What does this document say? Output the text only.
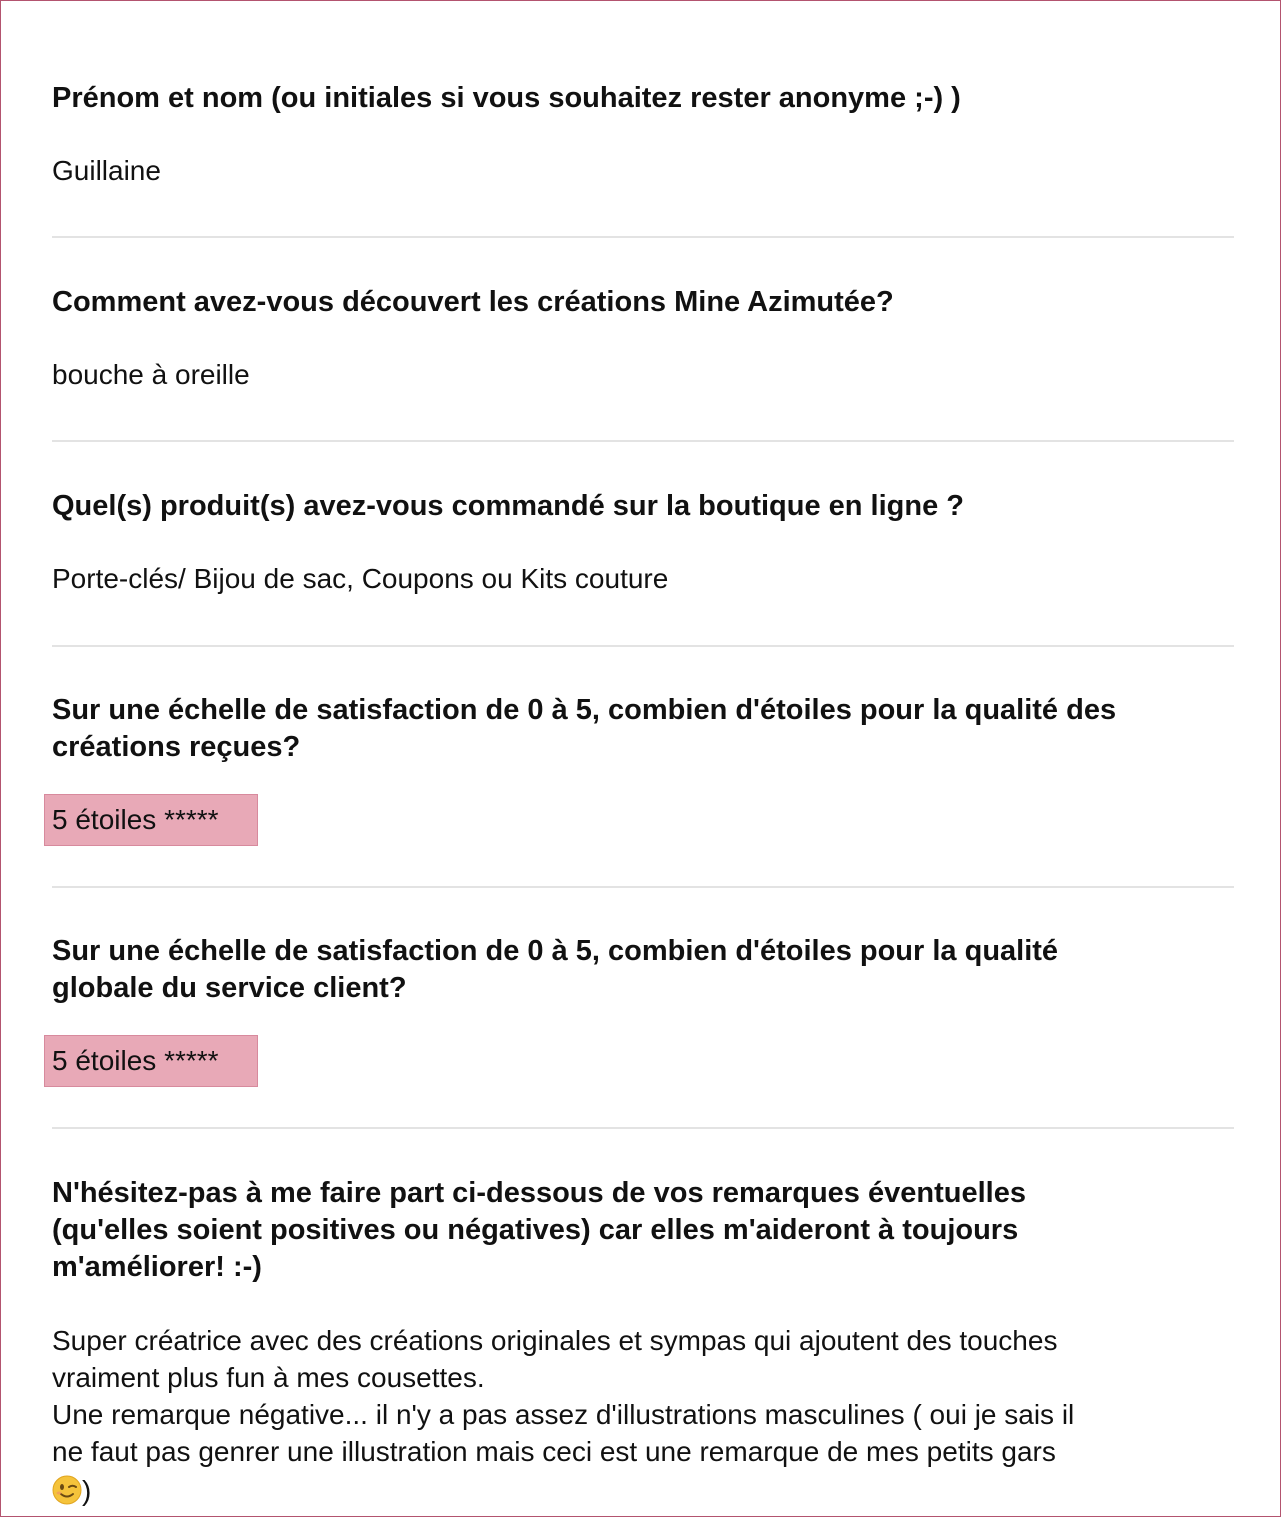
Prénom et nom (ou initiales si vous souhaitez rester anonyme ;-) )
Guillaine
Comment avez-vous découvert les créations Mine Azimutée?
bouche à oreille
Quel(s) produit(s) avez-vous commandé sur la boutique en ligne ?
Porte-clés/ Bijou de sac, Coupons ou Kits couture
Sur une échelle de satisfaction de 0 à 5, combien d'étoiles pour la qualité des
créations reçues?
5 étoiles *****
Sur une échelle de satisfaction de 0 à 5, combien d'étoiles pour la qualité
globale du service client?
5 étoiles *****
N'hésitez-pas à me faire part ci-dessous de vos remarques éventuelles
(qu'elles soient positives ou négatives) car elles m'aideront à toujours
m'améliorer! :-)
Super créatrice avec des créations originales et sympas qui ajoutent des touches
vraiment plus fun à mes cousettes.
Une remarque négative... il n'y a pas assez d'illustrations masculines ( oui je sais il
ne faut pas genrer une illustration mais ceci est une remarque de mes petits gars
)
